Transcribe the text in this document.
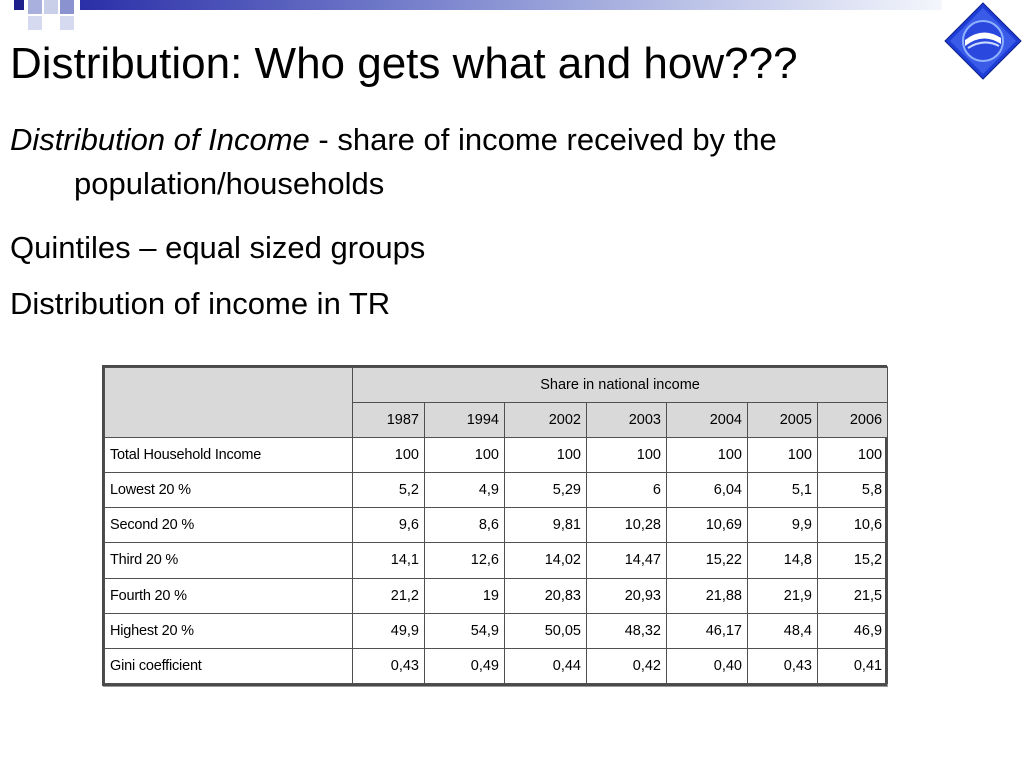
Distribution: Who gets what and how???
Distribution of Income - share of income received by the
population/households
Quintiles – equal sized groups
Distribution of income in TR
	Share in national income						
	1987	1994	2002	2003	2004	2005	2006
Total Household Income	100	100	100	100	100	100	100
Lowest 20 %	5,2	4,9	5,29	6	6,04	5,1	5,8
Second 20 %	9,6	8,6	9,81	10,28	10,69	9,9	10,6
Third 20 %	14,1	12,6	14,02	14,47	15,22	14,8	15,2
Fourth 20 %	21,2	19	20,83	20,93	21,88	21,9	21,5
Highest 20 %	49,9	54,9	50,05	48,32	46,17	48,4	46,9
Gini coefficient	0,43	0,49	0,44	0,42	0,40	0,43	0,41
